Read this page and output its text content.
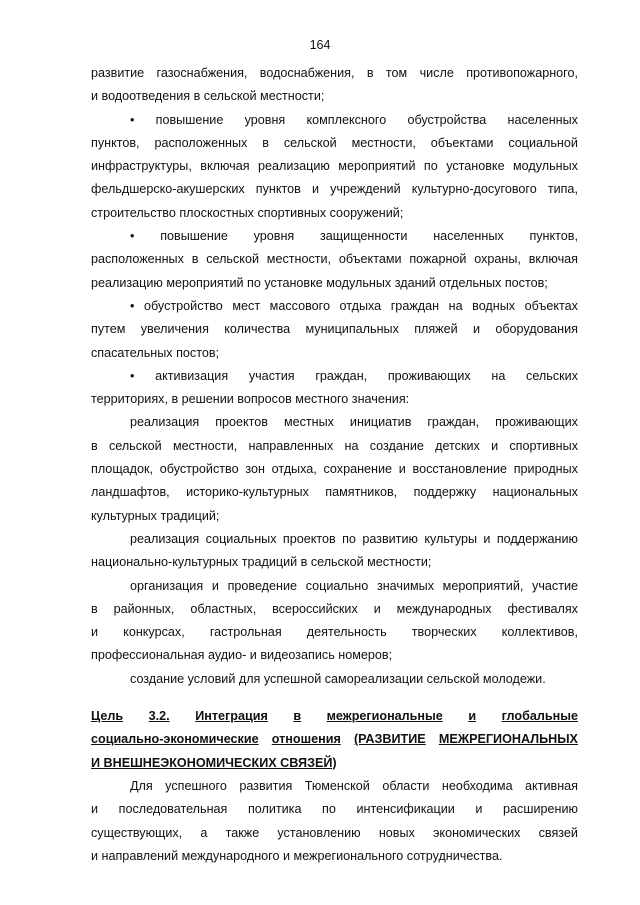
164
развитие газоснабжения, водоснабжения, в том числе противопожарного,
и водоотведения в сельской местности;
• повышение уровня комплексного обустройства населенных
пунктов, расположенных в сельской местности, объектами социальной
инфраструктуры, включая реализацию мероприятий по установке модульных
фельдшерско-акушерских пунктов и учреждений культурно-досугового типа,
строительство плоскостных спортивных сооружений;
• повышение уровня защищенности населенных пунктов,
расположенных в сельской местности, объектами пожарной охраны, включая
реализацию мероприятий по установке модульных зданий отдельных постов;
• обустройство мест массового отдыха граждан на водных объектах
путем увеличения количества муниципальных пляжей и оборудования
спасательных постов;
• активизация участия граждан, проживающих на сельских
территориях, в решении вопросов местного значения:
реализация проектов местных инициатив граждан, проживающих
в сельской местности, направленных на создание детских и спортивных
площадок, обустройство зон отдыха, сохранение и восстановление природных
ландшафтов, историко-культурных памятников, поддержку национальных
культурных традиций;
реализация социальных проектов по развитию культуры и поддержанию
национально-культурных традиций в сельской местности;
организация и проведение социально значимых мероприятий, участие
в районных, областных, всероссийских и международных фестивалях
и конкурсах, гастрольная деятельность творческих коллективов,
профессиональная аудио- и видеозапись номеров;
создание условий для успешной самореализации сельской молодежи.
Цель 3.2. Интеграция в межрегиональные и глобальные
социально-экономические отношения (РАЗВИТИЕ МЕЖРЕГИОНАЛЬНЫХ
И ВНЕШНЕЭКОНОМИЧЕСКИХ СВЯЗЕЙ)
Для успешного развития Тюменской области необходима активная
и последовательная политика по интенсификации и расширению
существующих, а также установлению новых экономических связей
и направлений международного и межрегионального сотрудничества.
